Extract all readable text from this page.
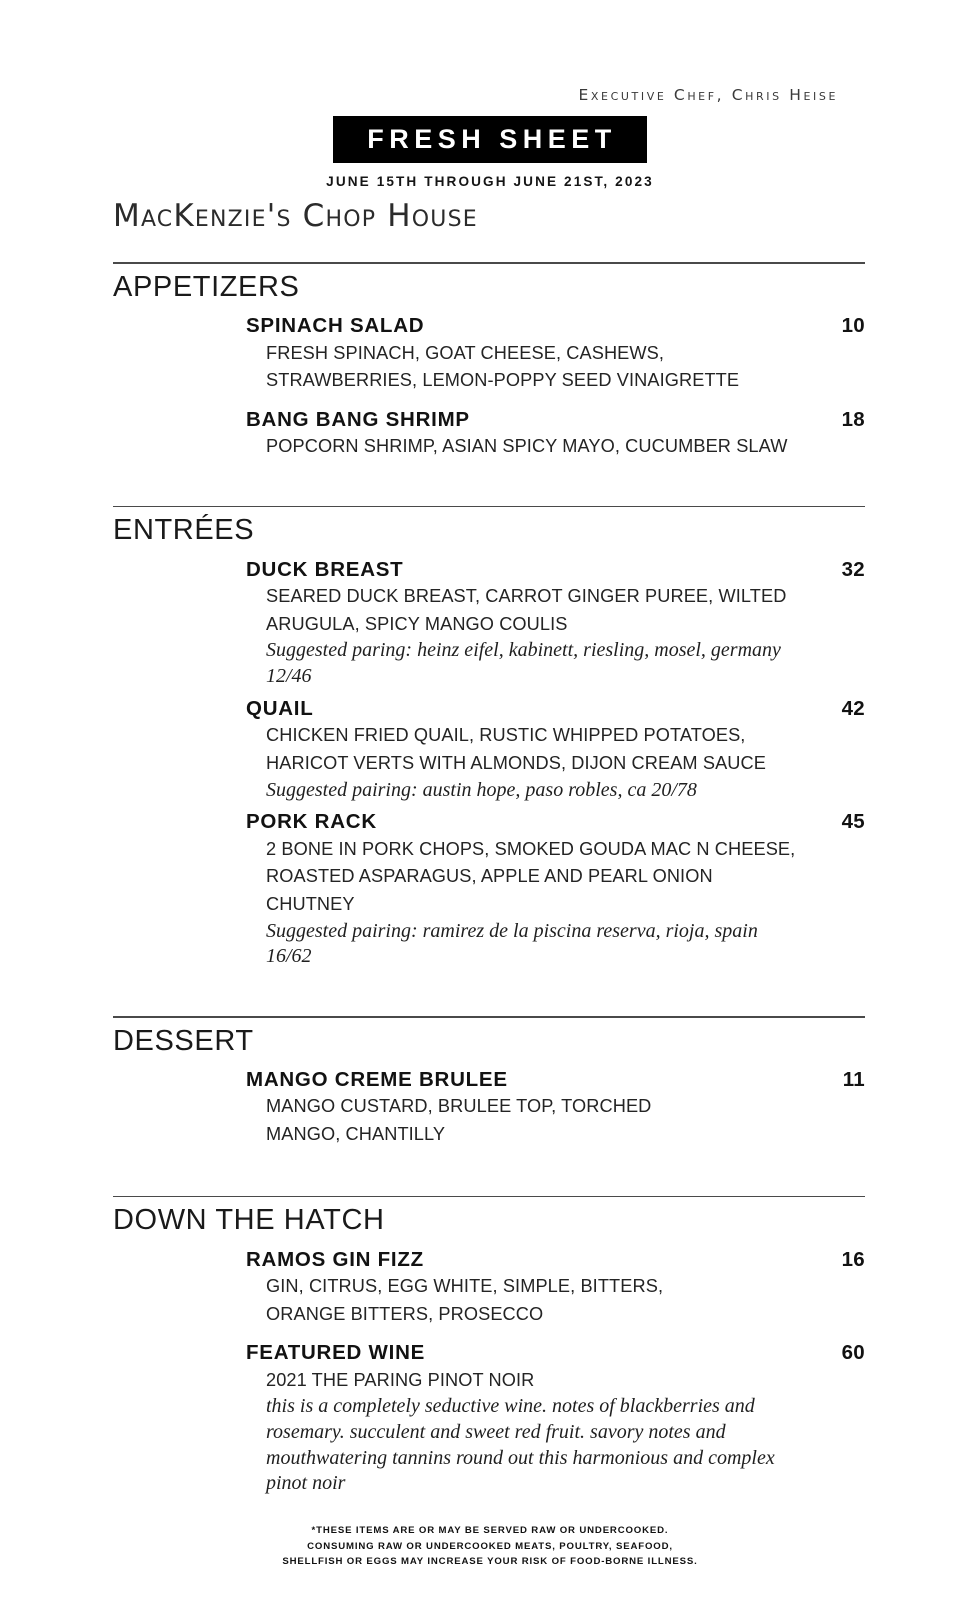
Executive Chef, Chris Heise
FRESH SHEET
JUNE 15TH THROUGH JUNE 21ST, 2023
MacKenzie's Chop House
APPETIZERS
SPINACH SALAD	10
FRESH SPINACH, GOAT CHEESE, CASHEWS, STRAWBERRIES, LEMON-POPPY SEED VINAIGRETTE
BANG BANG SHRIMP	18
POPCORN SHRIMP, ASIAN SPICY MAYO, CUCUMBER SLAW
ENTRÉES
DUCK BREAST	32
SEARED DUCK BREAST, CARROT GINGER PUREE, WILTED ARUGULA, SPICY MANGO COULIS
Suggested paring: heinz eifel, kabinett, riesling, mosel, germany 12/46
QUAIL	42
CHICKEN FRIED QUAIL, RUSTIC WHIPPED POTATOES, HARICOT VERTS WITH ALMONDS, DIJON CREAM SAUCE
Suggested pairing: austin hope, paso robles, ca 20/78
PORK RACK	45
2 BONE IN PORK CHOPS, SMOKED GOUDA MAC N CHEESE, ROASTED ASPARAGUS, APPLE AND PEARL ONION CHUTNEY
Suggested pairing: ramirez de la piscina reserva, rioja, spain 16/62
DESSERT
MANGO CREME BRULEE	11
MANGO CUSTARD, BRULEE TOP, TORCHED MANGO, CHANTILLY
DOWN THE HATCH
RAMOS GIN FIZZ	16
GIN, CITRUS, EGG WHITE, SIMPLE, BITTERS, ORANGE BITTERS, PROSECCO
FEATURED WINE	60
2021 THE PARING PINOT NOIR
this is a completely seductive wine. notes of blackberries and rosemary. succulent and sweet red fruit. savory notes and mouthwatering tannins round out this harmonious and complex pinot noir
*THESE ITEMS ARE OR MAY BE SERVED RAW OR UNDERCOOKED.
CONSUMING RAW OR UNDERCOOKED MEATS, POULTRY, SEAFOOD,
SHELLFISH OR EGGS MAY INCREASE YOUR RISK OF FOOD-BORNE ILLNESS.
